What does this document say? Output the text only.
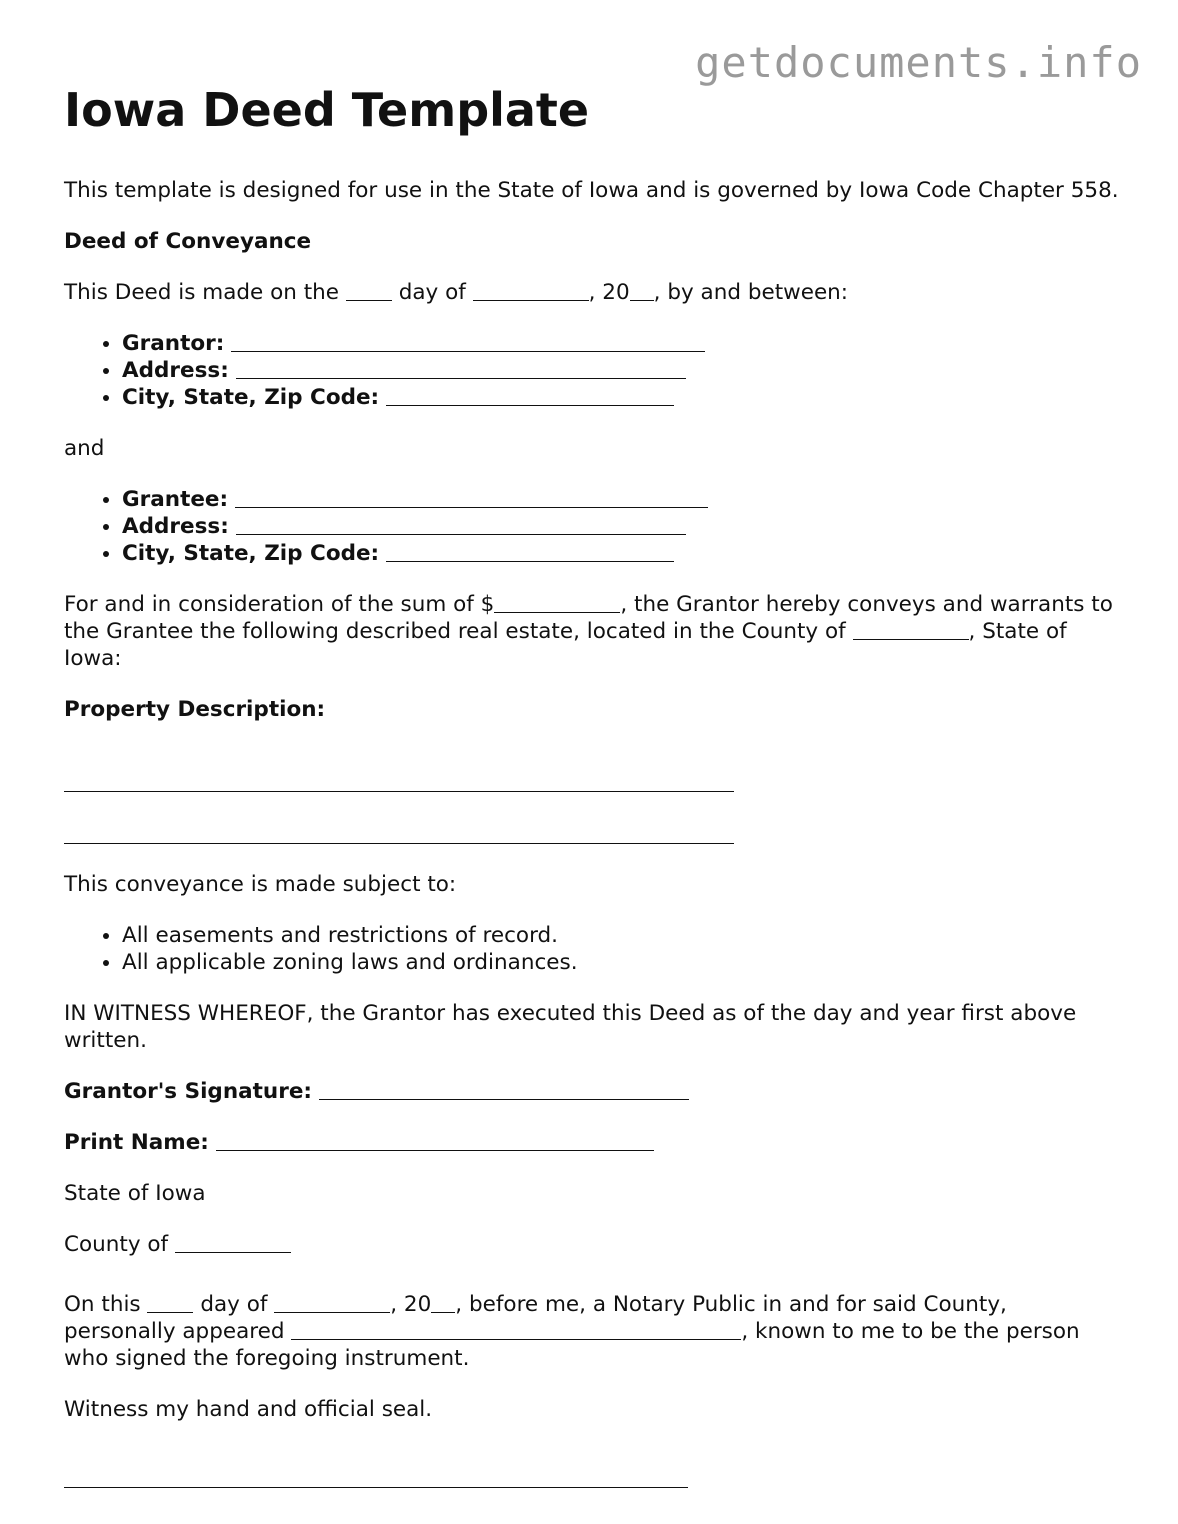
getdocuments.info
Iowa Deed Template

This template is designed for use in the State of Iowa and is governed by Iowa Code Chapter 558.

Deed of Conveyance

This Deed is made on the	day of	, 20 , by and between:

• Grantor:
• Address:
• City, State, Zip Code:

and

• Grantee:
• Address:
• City, State, Zip Code:

For and in consideration of the sum of $	, the Grantor hereby conveys and warrants to the Grantee the following described real estate, located in the County of	, State of Iowa:

Property Description:

This conveyance is made subject to:

• All easements and restrictions of record.
• All applicable zoning laws and ordinances.

IN WITNESS WHEREOF, the Grantor has executed this Deed as of the day and year first above written.

Grantor's Signature:

Print Name:

State of Iowa

County of

On this	day of	, 20 , before me, a Notary Public in and for said County, personally appeared	, known to me to be the person who signed the foregoing instrument.

Witness my hand and official seal.
